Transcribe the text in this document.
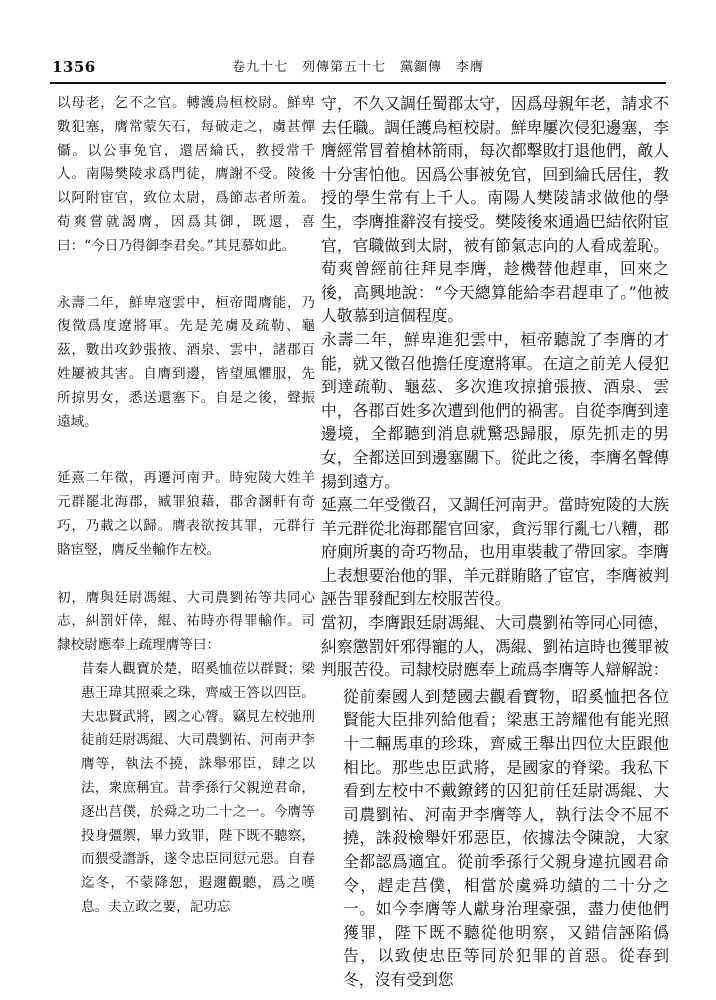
1356	卷九十七　列傳第五十七　黨錮傳　李膺

以母老，乞不之官。轉護烏桓校尉。鮮卑數犯塞，膺常蒙矢石，每破走之，虜甚憚懾。以公事免官，還居綸氏，教授常千人。南陽樊陵求爲門徒，膺謝不受。陵後以阿附宦官，致位太尉，爲節志者所羞。荀爽嘗就謁膺，因爲其御，既還，喜曰：“今日乃得御李君矣。”其見慕如此。

永壽二年，鮮卑寇雲中，桓帝聞膺能，乃復徵爲度遼將軍。先是羌虜及疏勒、龜茲，數出攻鈔張掖、酒泉、雲中，諸郡百姓屢被其害。自膺到邊，皆望風懼服，先所掠男女，悉送還塞下。自是之後，聲振遠域。

延熹二年徵，再遷河南尹。時宛陵大姓羊元群罷北海郡，臧罪狼藉，郡舍溷軒有奇巧，乃載之以歸。膺表欲按其罪，元群行賂宦竪，膺反坐輸作左校。

初，膺與廷尉馮緄、大司農劉祐等共同心志，糾罰奸倖，緄、祐時亦得罪輸作。司隸校尉應奉上疏理膺等曰：

昔秦人觀寶於楚，昭奚恤莅以群賢；梁惠王瑋其照乘之珠，齊威王答以四臣。夫忠賢武將，國之心膂。竊見左校弛刑徒前廷尉馮緄、大司農劉祐、河南尹李膺等，執法不撓，誅舉邪臣，肆之以法，衆庶稱宜。昔季孫行父親逆君命，逐出莒僕，於舜之功二十之一。今膺等投身彊禦，畢力致罪，陛下既不聽察，而猥受譖訴，遂令忠臣同愆元惡。自春迄冬，不蒙降恕，遐邇觀聽，爲之嘆息。夫立政之要，記功忘

守，不久又調任蜀郡太守，因爲母親年老，請求不去任職。調任護烏桓校尉。鮮卑屢次侵犯邊塞，李膺經常冒着槍林箭雨，每次都擊敗打退他們，敵人十分害怕他。因爲公事被免官，回到綸氏居住，教授的學生常有上千人。南陽人樊陵請求做他的學生，李膺推辭沒有接受。樊陵後來通過巴結依附宦官，官職做到太尉，被有節氣志向的人看成羞恥。荀爽曾經前往拜見李膺，趁機替他趕車，回來之後，高興地說：“今天總算能給李君趕車了。”他被人敬慕到這個程度。

永壽二年，鮮卑進犯雲中，桓帝聽說了李膺的才能，就又徵召他擔任度遼將軍。在這之前羌人侵犯到達疏勒、龜茲、多次進攻掠搶張掖、酒泉、雲中，各郡百姓多次遭到他們的禍害。自從李膺到達邊境，全都聽到消息就驚恐歸服，原先抓走的男女，全都送回到邊塞關下。從此之後，李膺名聲傳揚到遠方。

延熹二年受徵召，又調任河南尹。當時宛陵的大族羊元群從北海郡罷官回家，貪污罪行亂七八糟，郡府廁所裏的奇巧物品，也用車裝載了帶回家。李膺上表想要治他的罪，羊元群賄賂了宦官，李膺被判誣告罪發配到左校服苦役。

當初，李膺跟廷尉馮緄、大司農劉祐等同心同德，糾察懲罰奸邪得寵的人，馮緄、劉祐這時也獲罪被判服苦役。司隸校尉應奉上疏爲李膺等人辯解說：

從前秦國人到楚國去觀看寶物，昭奚恤把各位賢能大臣排列給他看；梁惠王誇耀他有能光照十二輛馬車的珍珠，齊威王舉出四位大臣跟他相比。那些忠臣武將，是國家的脊梁。我私下看到左校中不戴鐐銬的囚犯前任廷尉馮緄、大司農劉祐、河南尹李膺等人，執行法令不屈不撓，誅殺檢舉奸邪惡臣，依據法令陳說，大家全都認爲適宜。從前季孫行父親身違抗國君命令，趕走莒僕，相當於虞舜功績的二十分之一。如今李膺等人獻身治理豪强，盡力使他們獲罪，陛下既不聽從他明察，又錯信誣陷僞告，以致使忠臣等同於犯罪的首惡。從春到冬，沒有受到您
